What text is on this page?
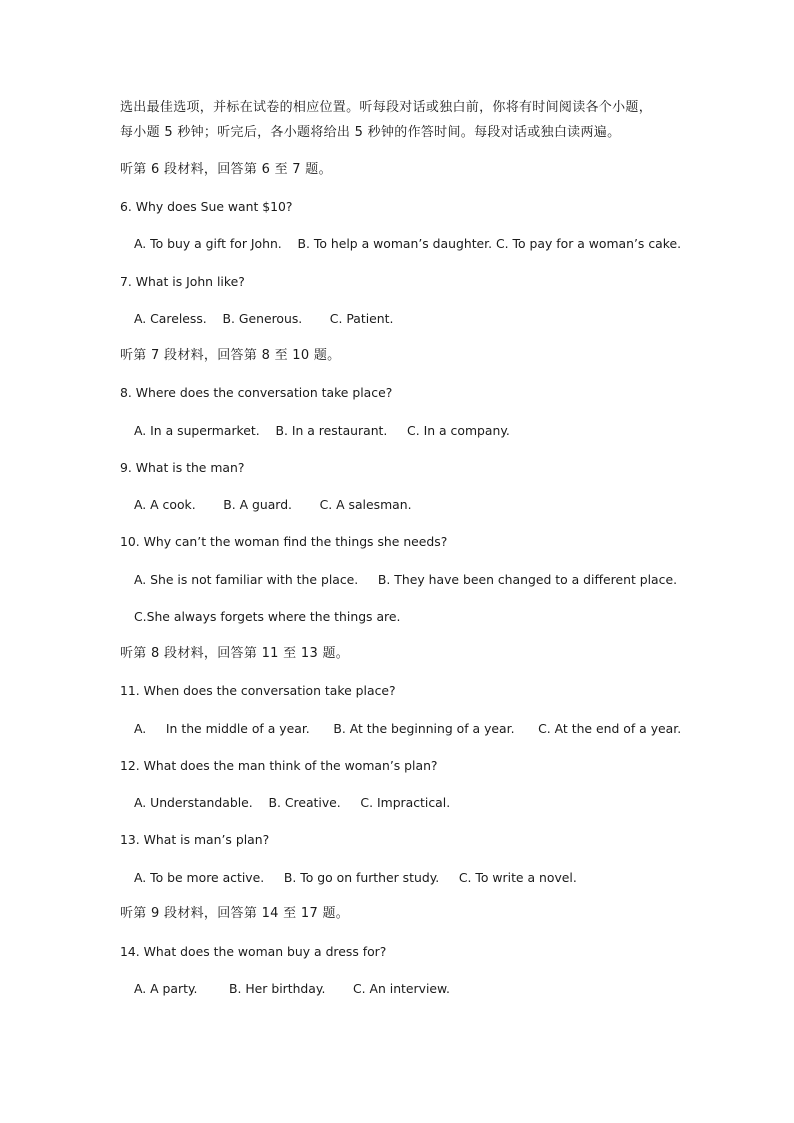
选出最佳选项，并标在试卷的相应位置。听每段对话或独白前，你将有时间阅读各个小题，
每小题 5 秒钟；听完后，各小题将给出 5 秒钟的作答时间。每段对话或独白读两遍。
听第 6 段材料，回答第 6 至 7 题。
6. Why does Sue want $10?
A. To buy a gift for John.    B. To help a woman’s daughter. C. To pay for a woman’s cake.
7. What is John like?
A. Careless.    B. Generous.       C. Patient.
听第 7 段材料，回答第 8 至 10 题。
8. Where does the conversation take place?
A. In a supermarket.    B. In a restaurant.     C. In a company.
9. What is the man?
A. A cook.       B. A guard.       C. A salesman.
10. Why can’t the woman find the things she needs?
A. She is not familiar with the place.     B. They have been changed to a different place.
C.She always forgets where the things are.
听第 8 段材料，回答第 11 至 13 题。
11. When does the conversation take place?
A.     In the middle of a year.      B. At the beginning of a year.      C. At the end of a year.
12. What does the man think of the woman’s plan?
A. Understandable.    B. Creative.     C. Impractical.
13. What is man’s plan?
A. To be more active.     B. To go on further study.     C. To write a novel.
听第 9 段材料，回答第 14 至 17 题。
14. What does the woman buy a dress for?
A. A party.        B. Her birthday.       C. An interview.
